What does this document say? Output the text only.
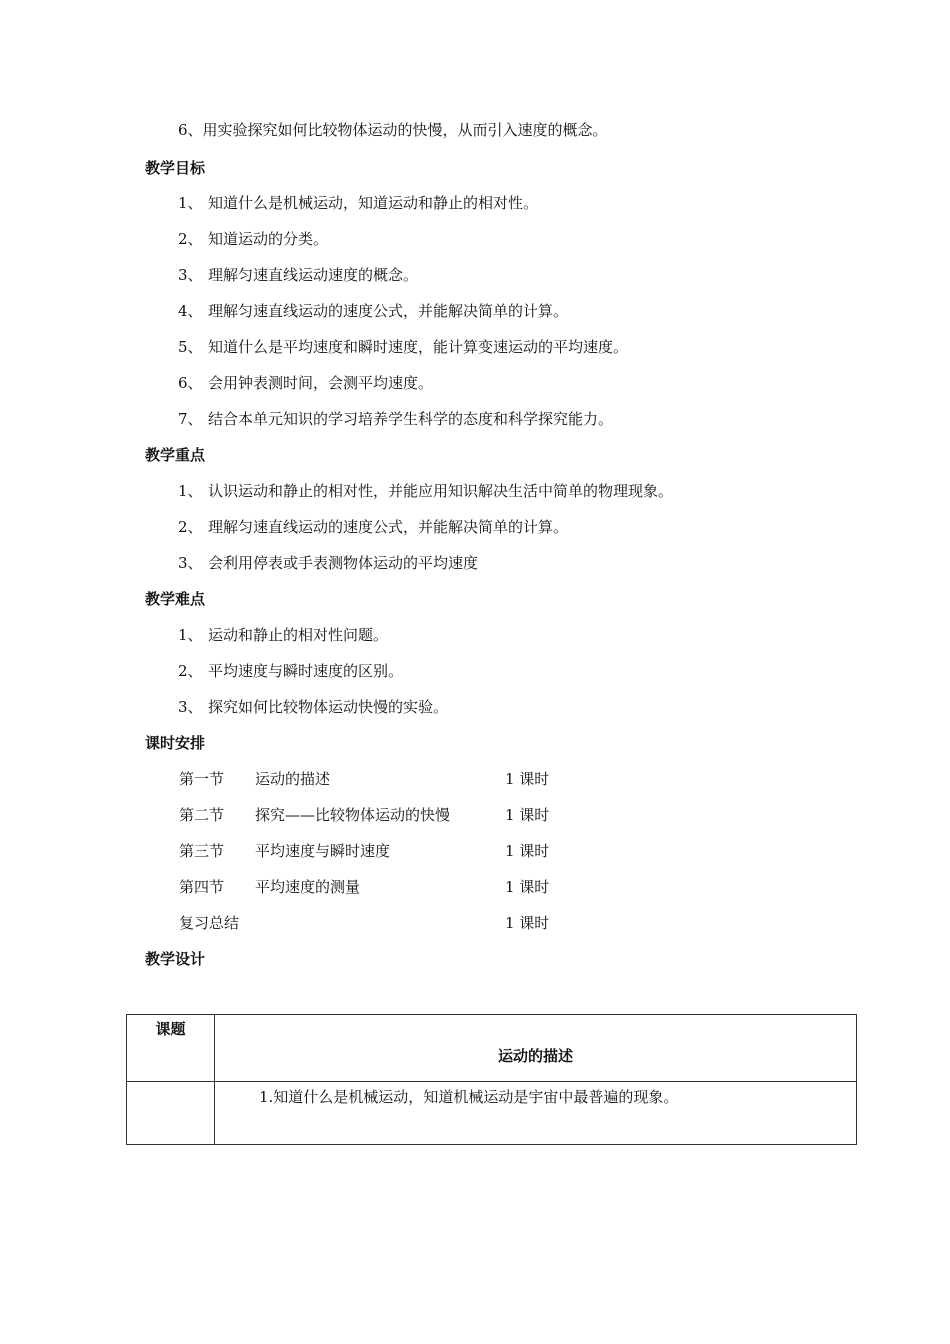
6、用实验探究如何比较物体运动的快慢，从而引入速度的概念。
教学目标
1、 知道什么是机械运动，知道运动和静止的相对性。
2、 知道运动的分类。
3、 理解匀速直线运动速度的概念。
4、 理解匀速直线运动的速度公式，并能解决简单的计算。
5、 知道什么是平均速度和瞬时速度，能计算变速运动的平均速度。
6、 会用钟表测时间，会测平均速度。
7、 结合本单元知识的学习培养学生科学的态度和科学探究能力。
教学重点
1、 认识运动和静止的相对性，并能应用知识解决生活中简单的物理现象。
2、 理解匀速直线运动的速度公式，并能解决简单的计算。
3、 会利用停表或手表测物体运动的平均速度
教学难点
1、 运动和静止的相对性问题。
2、 平均速度与瞬时速度的区别。
3、 探究如何比较物体运动快慢的实验。
课时安排
第一节 运动的描述	1 课时
第二节 探究——比较物体运动的快慢	1 课时
第三节 平均速度与瞬时速度	1 课时
第四节 平均速度的测量	1 课时
复习总结	1 课时
教学设计
课题	运动的描述
	1.知道什么是机械运动，知道机械运动是宇宙中最普遍的现象。
